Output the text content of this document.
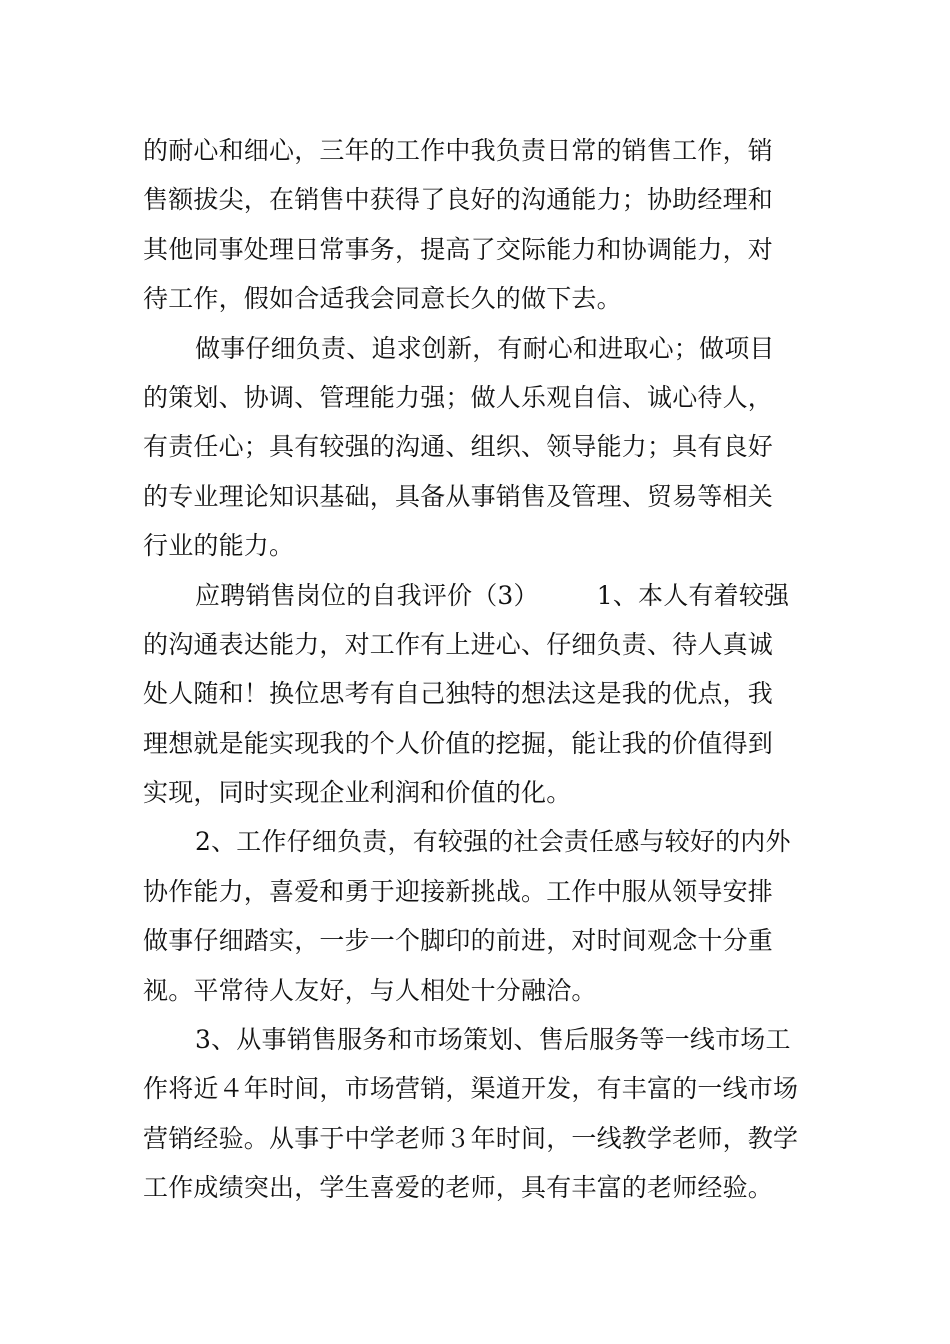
的耐心和细心，三年的工作中我负责日常的销售工作，销
售额拔尖，在销售中获得了良好的沟通能力；协助经理和
其他同事处理日常事务，提高了交际能力和协调能力，对
待工作，假如合适我会同意长久的做下去。
做事仔细负责、追求创新，有耐心和进取心；做项目
的策划、协调、管理能力强；做人乐观自信、诚心待人，
有责任心；具有较强的沟通、组织、领导能力；具有良好
的专业理论知识基础，具备从事销售及管理、贸易等相关
行业的能力。
应聘销售岗位的自我评价（3） 1、本人有着较强
的沟通表达能力，对工作有上进心、仔细负责、待人真诚
处人随和！换位思考有自己独特的想法这是我的优点，我
理想就是能实现我的个人价值的挖掘，能让我的价值得到
实现，同时实现企业利润和价值的化。
2、工作仔细负责，有较强的社会责任感与较好的内外
协作能力，喜爱和勇于迎接新挑战。工作中服从领导安排
做事仔细踏实，一步一个脚印的前进，对时间观念十分重
视。平常待人友好，与人相处十分融洽。
3、从事销售服务和市场策划、售后服务等一线市场工
作将近４年时间，市场营销，渠道开发，有丰富的一线市场
营销经验。从事于中学老师３年时间，一线教学老师，教学
工作成绩突出，学生喜爱的老师，具有丰富的老师经验。
